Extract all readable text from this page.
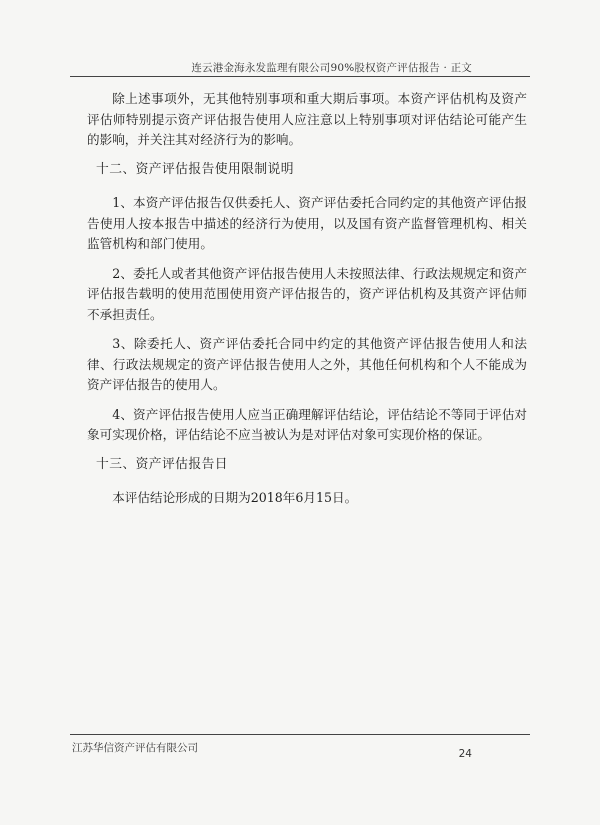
连云港金海永发监理有限公司90%股权资产评估报告 · 正文

除上述事项外，无其他特别事项和重大期后事项。本资产评估机构及资产评估师特别提示资产评估报告使用人应注意以上特别事项对评估结论可能产生的影响，并关注其对经济行为的影响。

十二、资产评估报告使用限制说明

1、本资产评估报告仅供委托人、资产评估委托合同约定的其他资产评估报告使用人按本报告中描述的经济行为使用，以及国有资产监督管理机构、相关监管机构和部门使用。

2、委托人或者其他资产评估报告使用人未按照法律、行政法规规定和资产评估报告载明的使用范围使用资产评估报告的，资产评估机构及其资产评估师不承担责任。

3、除委托人、资产评估委托合同中约定的其他资产评估报告使用人和法律、行政法规规定的资产评估报告使用人之外，其他任何机构和个人不能成为资产评估报告的使用人。

4、资产评估报告使用人应当正确理解评估结论，评估结论不等同于评估对象可实现价格，评估结论不应当被认为是对评估对象可实现价格的保证。

十三、资产评估报告日

本评估结论形成的日期为2018年6月15日。

江苏华信资产评估有限公司	24
